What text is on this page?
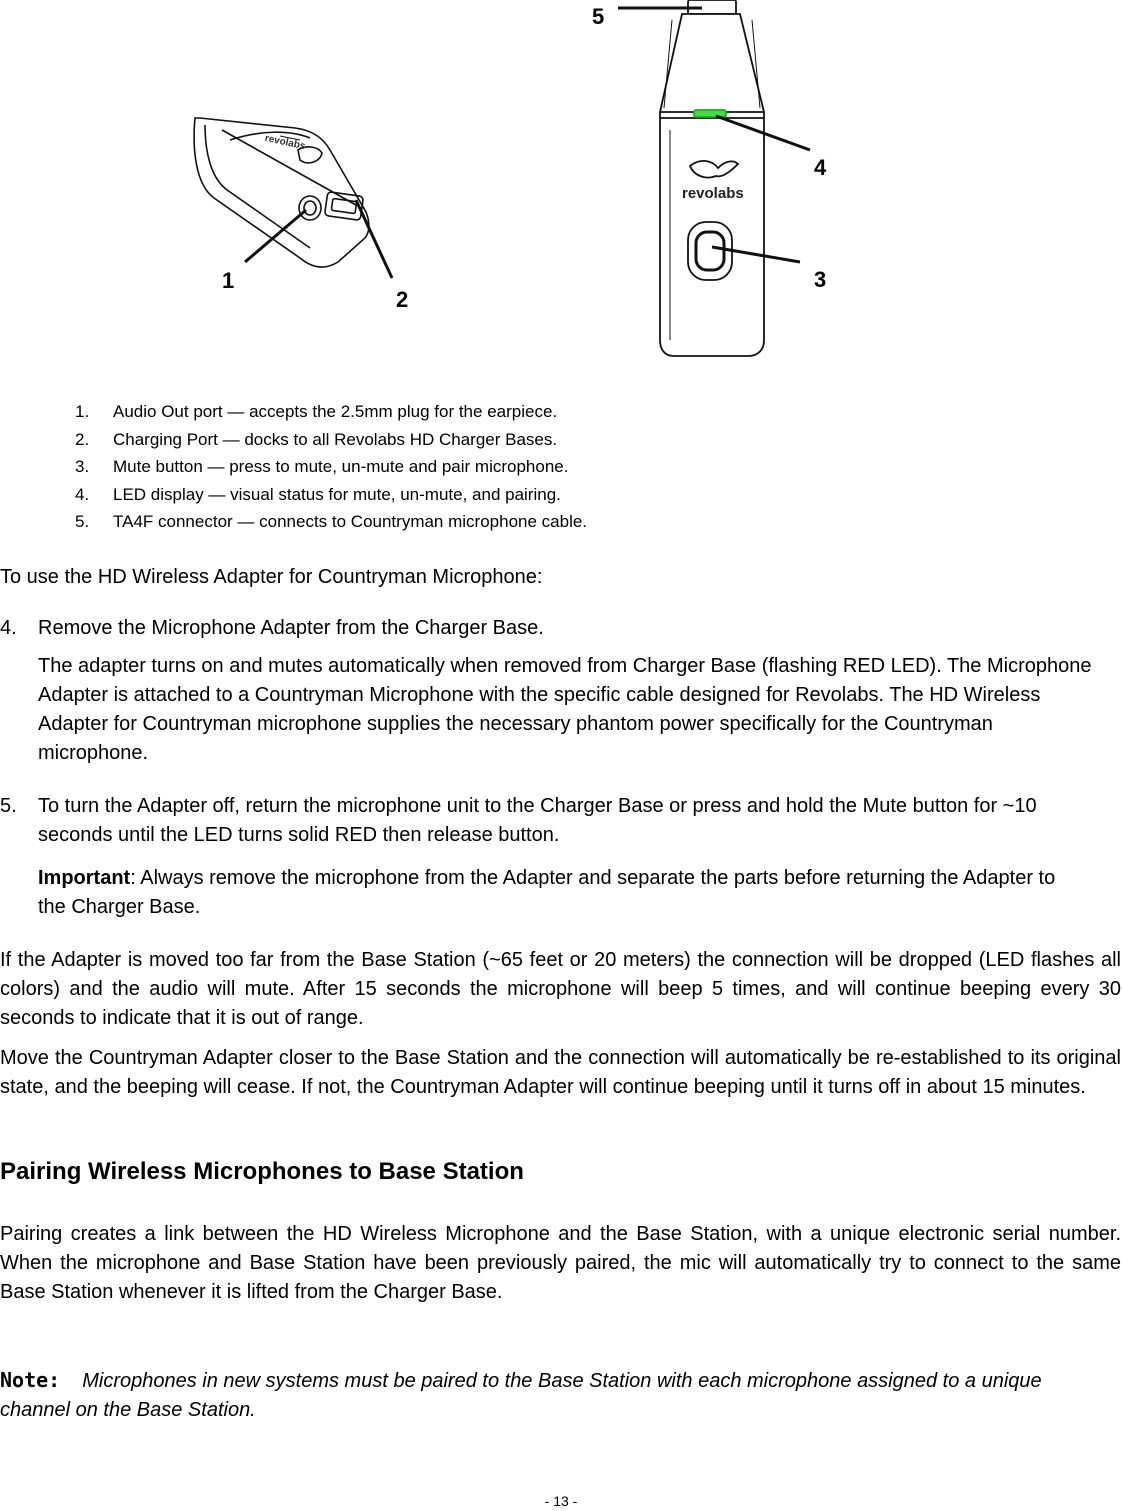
revolabs
revolabs
1
2
3
4
5
1.	Audio Out port — accepts the 2.5mm plug for the earpiece.
2.	Charging Port — docks to all Revolabs HD Charger Bases.
3.	Mute button — press to mute, un-mute and pair microphone.
4.	LED display — visual status for mute, un-mute, and pairing.
5.	TA4F connector — connects to Countryman microphone cable.

To use the HD Wireless Adapter for Countryman Microphone:

4.	Remove the Microphone Adapter from the Charger Base.

The adapter turns on and mutes automatically when removed from Charger Base (flashing RED LED). The Microphone Adapter is attached to a Countryman Microphone with the specific cable designed for Revolabs. The HD Wireless Adapter for Countryman microphone supplies the necessary phantom power specifically for the Countryman microphone.

5.	To turn the Adapter off, return the microphone unit to the Charger Base or press and hold the Mute button for ~10 seconds until the LED turns solid RED then release button.

Important: Always remove the microphone from the Adapter and separate the parts before returning the Adapter to the Charger Base.

If the Adapter is moved too far from the Base Station (~65 feet or 20 meters) the connection will be dropped (LED flashes all colors) and the audio will mute. After 15 seconds the microphone will beep 5 times, and will continue beeping every 30 seconds to indicate that it is out of range.

Move the Countryman Adapter closer to the Base Station and the connection will automatically be re-established to its original state, and the beeping will cease. If not, the Countryman Adapter will continue beeping until it turns off in about 15 minutes.

Pairing Wireless Microphones to Base Station

Pairing creates a link between the HD Wireless Microphone and the Base Station, with a unique electronic serial number. When the microphone and Base Station have been previously paired, the mic will automatically try to connect to the same Base Station whenever it is lifted from the Charger Base.

Note: Microphones in new systems must be paired to the Base Station with each microphone assigned to a unique channel on the Base Station.

- 13 -
